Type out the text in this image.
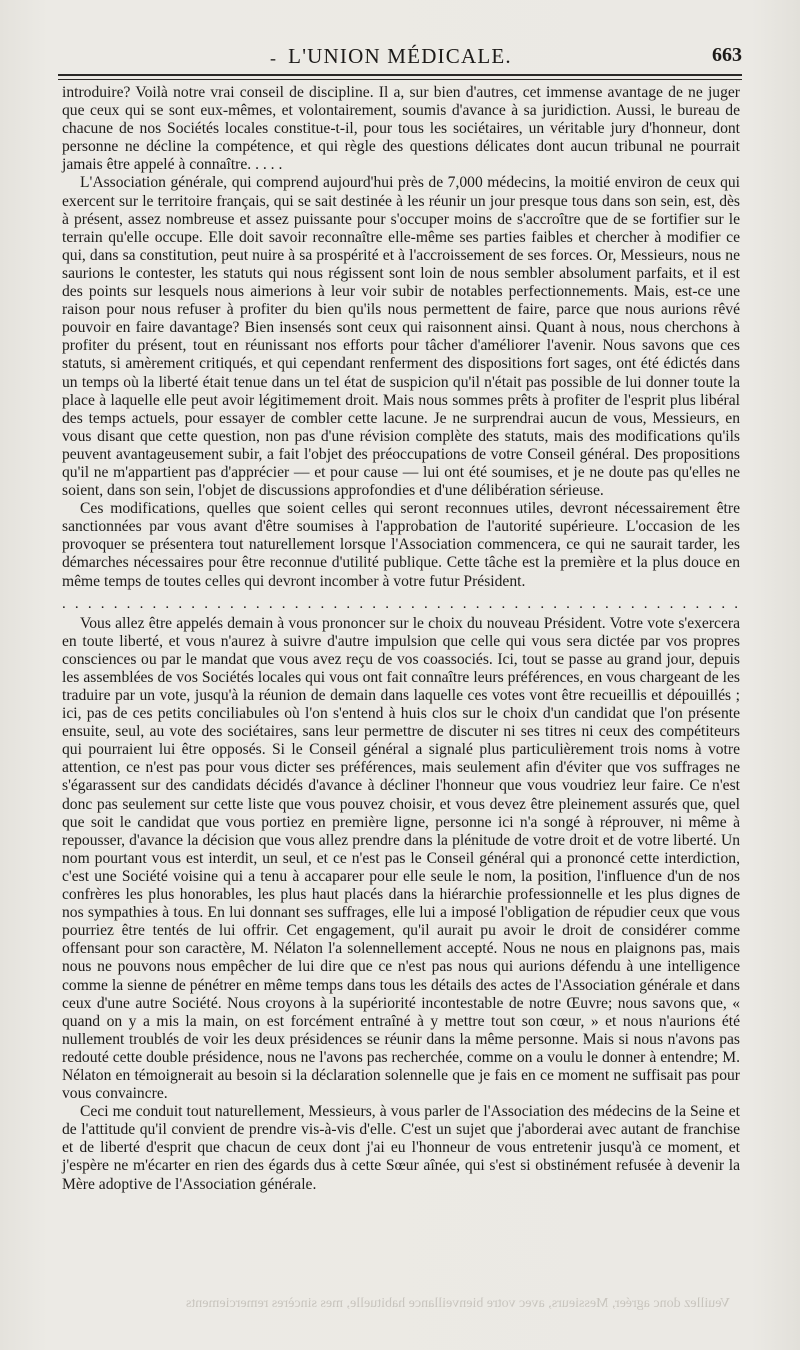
- L'UNION MÉDICALE.	663

introduire? Voilà notre vrai conseil de discipline. Il a, sur bien d'autres, cet immense avantage de ne juger que ceux qui se sont eux-mêmes, et volontairement, soumis d'avance à sa juridiction. Aussi, le bureau de chacune de nos Sociétés locales constitue-t-il, pour tous les sociétaires, un véritable jury d'honneur, dont personne ne décline la compétence, et qui règle des questions délicates dont aucun tribunal ne pourrait jamais être appelé à connaître. . . . .

L'Association générale, qui comprend aujourd'hui près de 7,000 médecins, la moitié environ de ceux qui exercent sur le territoire français, qui se sait destinée à les réunir un jour presque tous dans son sein, est, dès à présent, assez nombreuse et assez puissante pour s'occuper moins de s'accroître que de se fortifier sur le terrain qu'elle occupe. Elle doit savoir reconnaître elle-même ses parties faibles et chercher à modifier ce qui, dans sa constitution, peut nuire à sa prospérité et à l'accroissement de ses forces. Or, Messieurs, nous ne saurions le contester, les statuts qui nous régissent sont loin de nous sembler absolument parfaits, et il est des points sur lesquels nous aimerions à leur voir subir de notables perfectionnements. Mais, est-ce une raison pour nous refuser à profiter du bien qu'ils nous permettent de faire, parce que nous aurions rêvé pouvoir en faire davantage? Bien insensés sont ceux qui raisonnent ainsi. Quant à nous, nous cherchons à profiter du présent, tout en réunissant nos efforts pour tâcher d'améliorer l'avenir. Nous savons que ces statuts, si amèrement critiqués, et qui cependant renferment des dispositions fort sages, ont été édictés dans un temps où la liberté était tenue dans un tel état de suspicion qu'il n'était pas possible de lui donner toute la place à laquelle elle peut avoir légitimement droit. Mais nous sommes prêts à profiter de l'esprit plus libéral des temps actuels, pour essayer de combler cette lacune. Je ne surprendrai aucun de vous, Messieurs, en vous disant que cette question, non pas d'une révision complète des statuts, mais des modifications qu'ils peuvent avantageusement subir, a fait l'objet des préoccupations de votre Conseil général. Des propositions qu'il ne m'appartient pas d'apprécier — et pour cause — lui ont été soumises, et je ne doute pas qu'elles ne soient, dans son sein, l'objet de discussions approfondies et d'une délibération sérieuse.

Ces modifications, quelles que soient celles qui seront reconnues utiles, devront nécessairement être sanctionnées par vous avant d'être soumises à l'approbation de l'autorité supérieure. L'occasion de les provoquer se présentera tout naturellement lorsque l'Association commencera, ce qui ne saurait tarder, les démarches nécessaires pour être reconnue d'utilité publique. Cette tâche est la première et la plus douce en même temps de toutes celles qui devront incomber à votre futur Président.

. . . . . . . . . . . . . . . . . . . . . . . . . . . . . . . . . . . . . . . . . . . . . . . . . . . . .

Vous allez être appelés demain à vous prononcer sur le choix du nouveau Président. Votre vote s'exercera en toute liberté, et vous n'aurez à suivre d'autre impulsion que celle qui vous sera dictée par vos propres consciences ou par le mandat que vous avez reçu de vos coassociés. Ici, tout se passe au grand jour, depuis les assemblées de vos Sociétés locales qui vous ont fait connaître leurs préférences, en vous chargeant de les traduire par un vote, jusqu'à la réunion de demain dans laquelle ces votes vont être recueillis et dépouillés ; ici, pas de ces petits conciliabules où l'on s'entend à huis clos sur le choix d'un candidat que l'on présente ensuite, seul, au vote des sociétaires, sans leur permettre de discuter ni ses titres ni ceux des compétiteurs qui pourraient lui être opposés. Si le Conseil général a signalé plus particulièrement trois noms à votre attention, ce n'est pas pour vous dicter ses préférences, mais seulement afin d'éviter que vos suffrages ne s'égarassent sur des candidats décidés d'avance à décliner l'honneur que vous voudriez leur faire. Ce n'est donc pas seulement sur cette liste que vous pouvez choisir, et vous devez être pleinement assurés que, quel que soit le candidat que vous portiez en première ligne, personne ici n'a songé à réprouver, ni même à repousser, d'avance la décision que vous allez prendre dans la plénitude de votre droit et de votre liberté. Un nom pourtant vous est interdit, un seul, et ce n'est pas le Conseil général qui a prononcé cette interdiction, c'est une Société voisine qui a tenu à accaparer pour elle seule le nom, la position, l'influence d'un de nos confrères les plus honorables, les plus haut placés dans la hiérarchie professionnelle et les plus dignes de nos sympathies à tous. En lui donnant ses suffrages, elle lui a imposé l'obligation de répudier ceux que vous pourriez être tentés de lui offrir. Cet engagement, qu'il aurait pu avoir le droit de considérer comme offensant pour son caractère, M. Nélaton l'a solennellement accepté. Nous ne nous en plaignons pas, mais nous ne pouvons nous empêcher de lui dire que ce n'est pas nous qui aurions défendu à une intelligence comme la sienne de pénétrer en même temps dans tous les détails des actes de l'Association générale et dans ceux d'une autre Société. Nous croyons à la supériorité incontestable de notre Œuvre; nous savons que, « quand on y a mis la main, on est forcément entraîné à y mettre tout son cœur, » et nous n'aurions été nullement troublés de voir les deux présidences se réunir dans la même personne. Mais si nous n'avons pas redouté cette double présidence, nous ne l'avons pas recherchée, comme on a voulu le donner à entendre; M. Nélaton en témoignerait au besoin si la déclaration solennelle que je fais en ce moment ne suffisait pas pour vous convaincre.

Ceci me conduit tout naturellement, Messieurs, à vous parler de l'Association des médecins de la Seine et de l'attitude qu'il convient de prendre vis-à-vis d'elle. C'est un sujet que j'aborderai avec autant de franchise et de liberté d'esprit que chacun de ceux dont j'ai eu l'honneur de vous entretenir jusqu'à ce moment, et j'espère ne m'écarter en rien des égards dus à cette Sœur aînée, qui s'est si obstinément refusée à devenir la Mère adoptive de l'Association générale.

Veuillez donc agréer, Messieurs, avec votre bienveillance habituelle, mes sincères remerciements
